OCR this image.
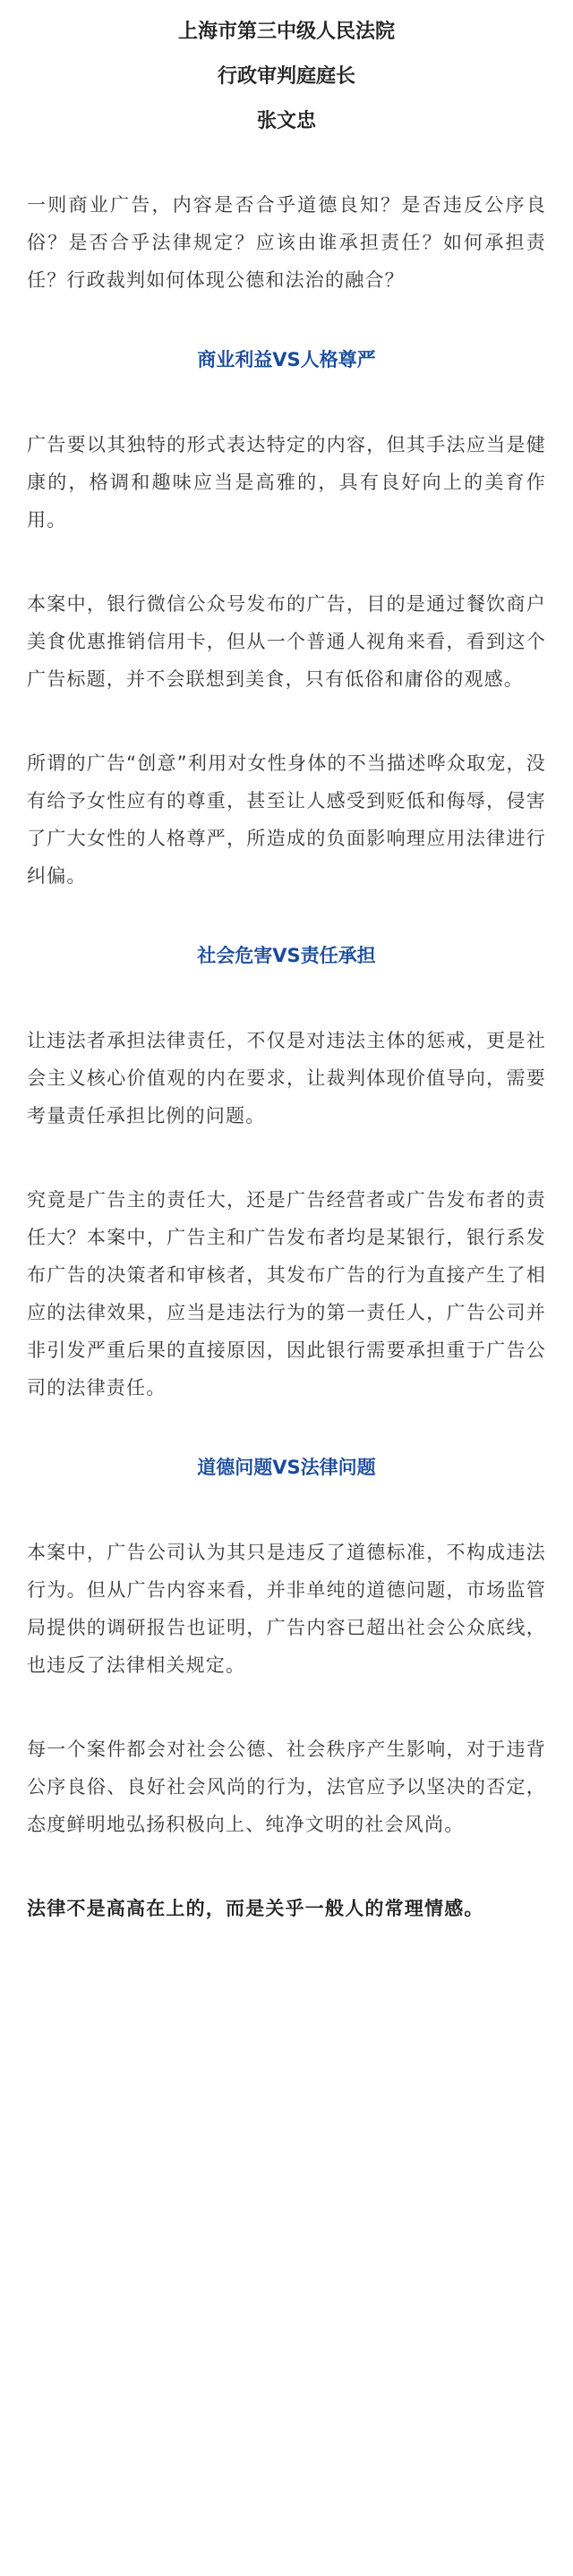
上海市第三中级人民法院
行政审判庭庭长
张文忠

一则商业广告，内容是否合乎道德良知？是否违反公序良俗？是否合乎法律规定？应该由谁承担责任？如何承担责任？行政裁判如何体现公德和法治的融合？

商业利益VS人格尊严

广告要以其独特的形式表达特定的内容，但其手法应当是健康的，格调和趣味应当是高雅的，具有良好向上的美育作用。

本案中，银行微信公众号发布的广告，目的是通过餐饮商户美食优惠推销信用卡，但从一个普通人视角来看，看到这个广告标题，并不会联想到美食，只有低俗和庸俗的观感。

所谓的广告“创意”利用对女性身体的不当描述哗众取宠，没有给予女性应有的尊重，甚至让人感受到贬低和侮辱，侵害了广大女性的人格尊严，所造成的负面影响理应用法律进行纠偏。

社会危害VS责任承担

让违法者承担法律责任，不仅是对违法主体的惩戒，更是社会主义核心价值观的内在要求，让裁判体现价值导向，需要考量责任承担比例的问题。

究竟是广告主的责任大，还是广告经营者或广告发布者的责任大？本案中，广告主和广告发布者均是某银行，银行系发布广告的决策者和审核者，其发布广告的行为直接产生了相应的法律效果，应当是违法行为的第一责任人，广告公司并非引发严重后果的直接原因，因此银行需要承担重于广告公司的法律责任。

道德问题VS法律问题

本案中，广告公司认为其只是违反了道德标准，不构成违法行为。但从广告内容来看，并非单纯的道德问题，市场监管局提供的调研报告也证明，广告内容已超出社会公众底线，也违反了法律相关规定。

每一个案件都会对社会公德、社会秩序产生影响，对于违背公序良俗、良好社会风尚的行为，法官应予以坚决的否定，态度鲜明地弘扬积极向上、纯净文明的社会风尚。

法律不是高高在上的，而是关乎一般人的常理情感。
